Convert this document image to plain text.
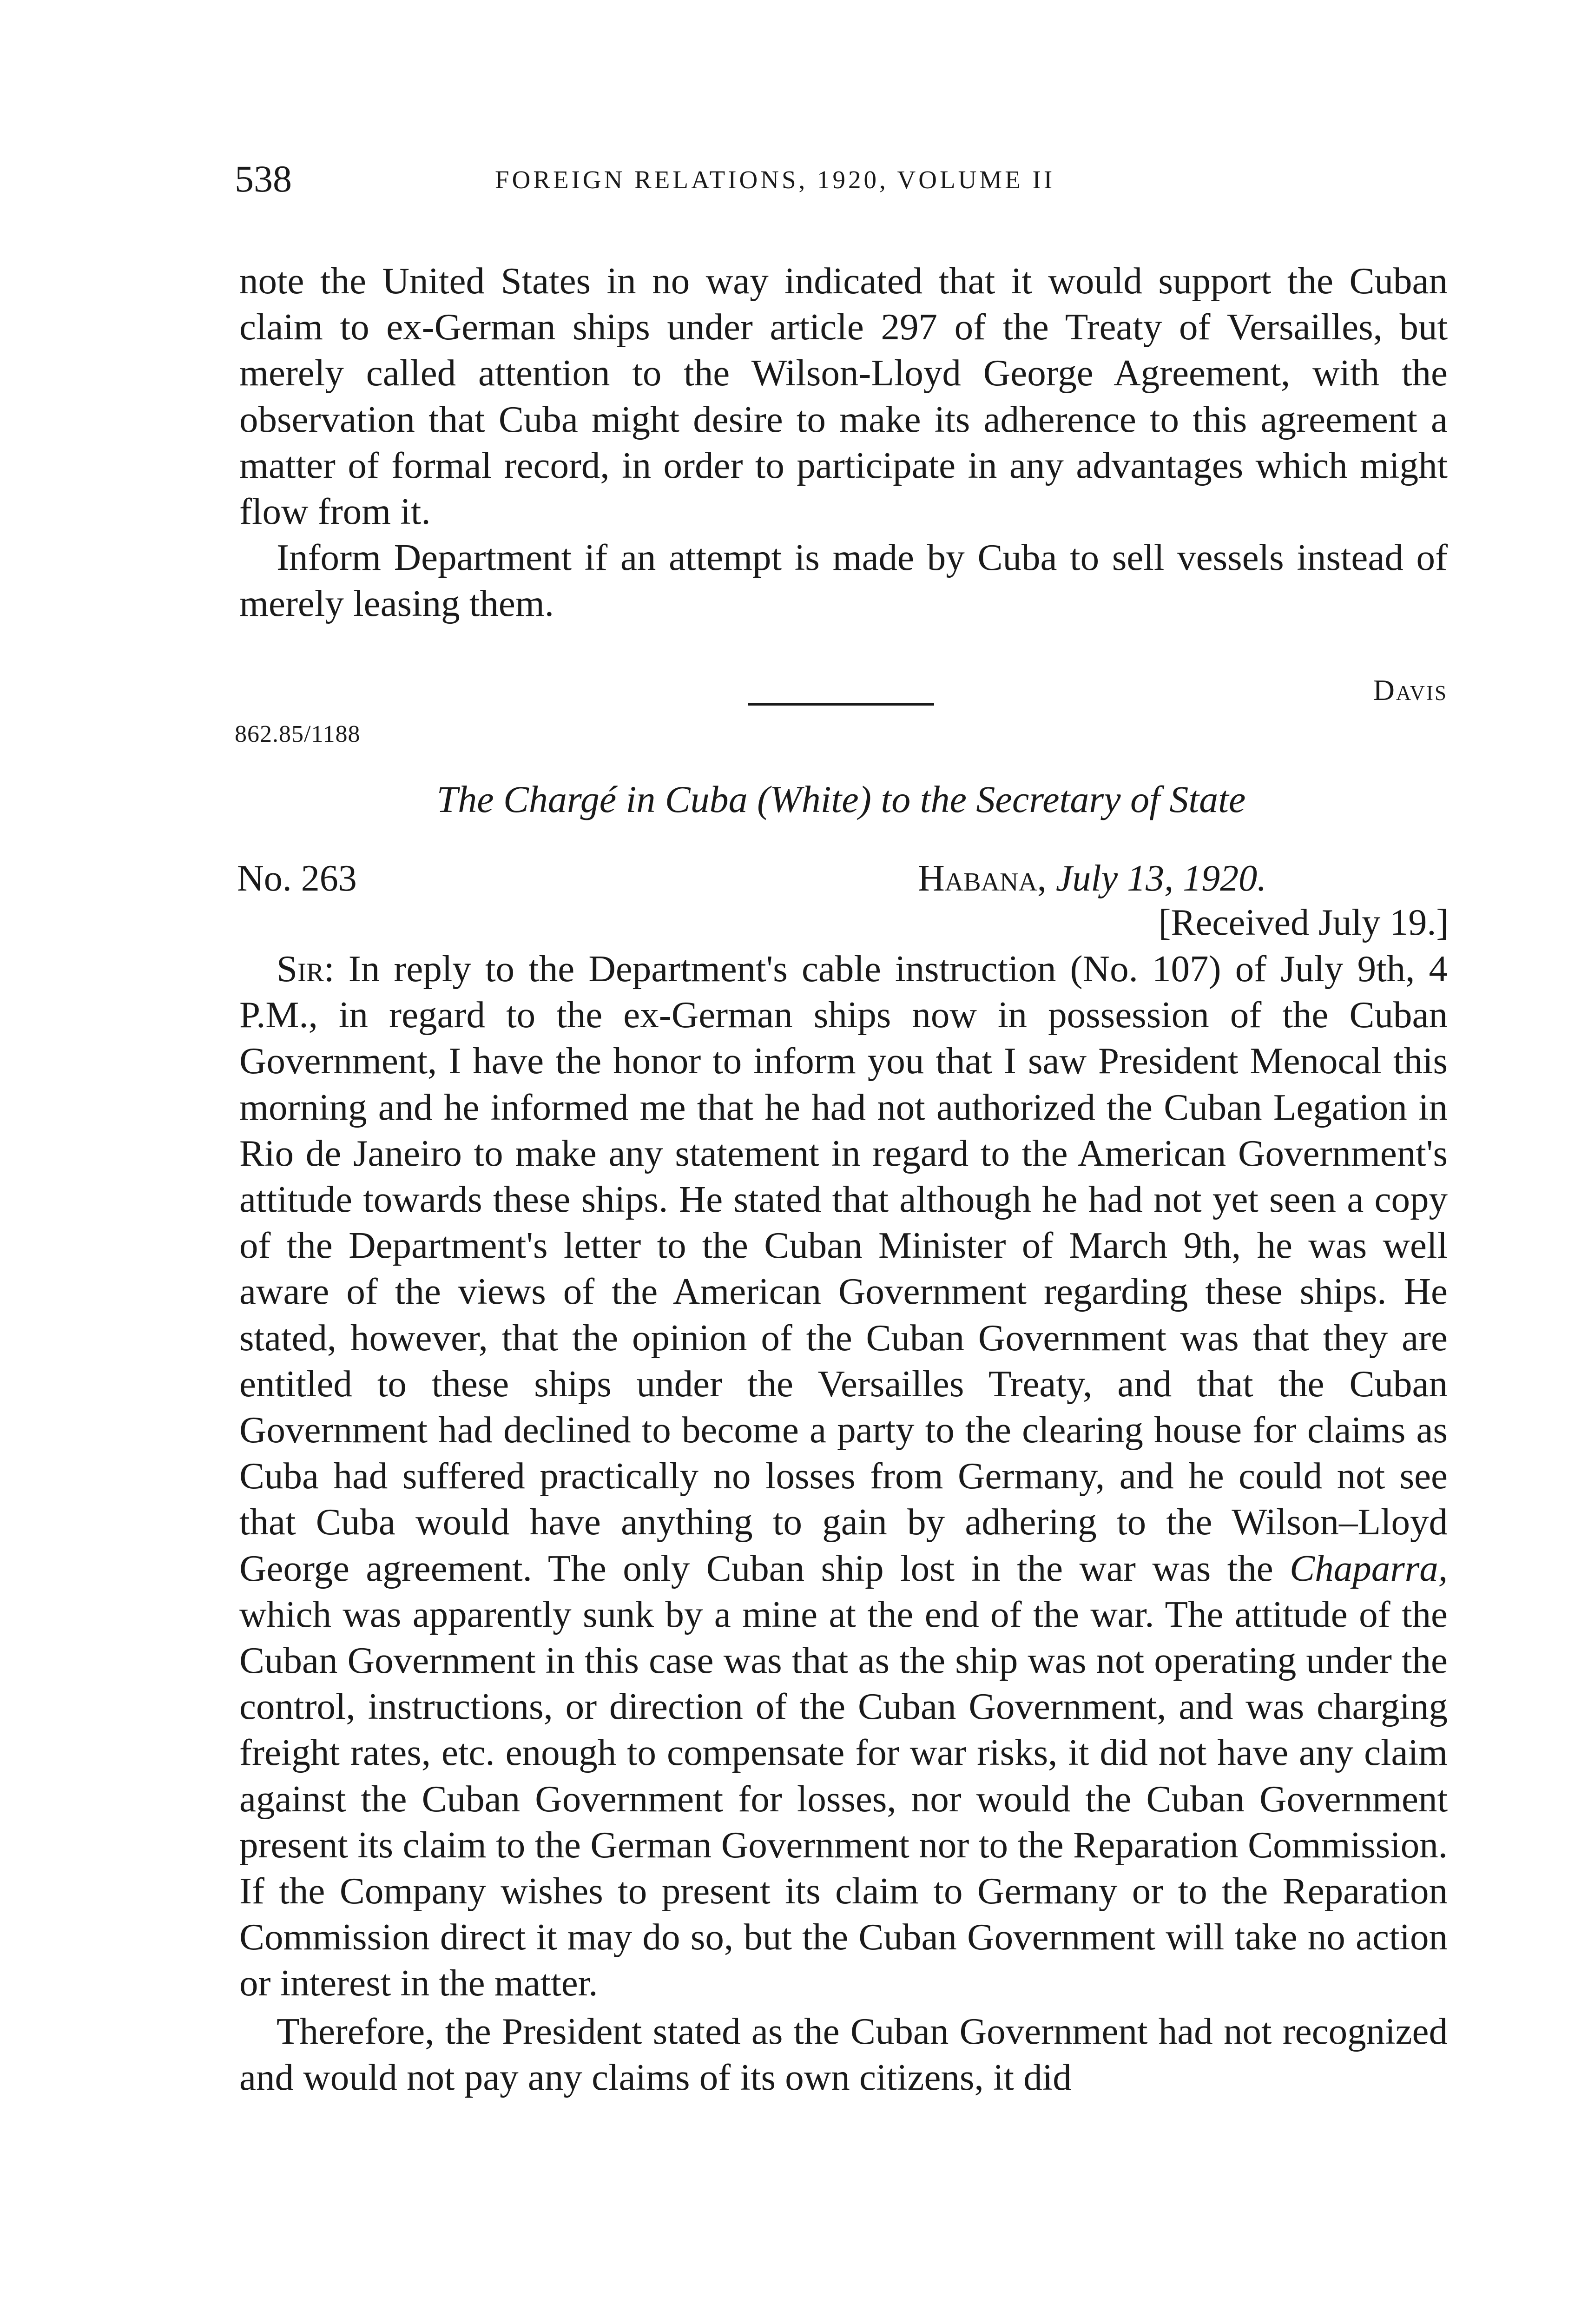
538	FOREIGN RELATIONS, 1920, VOLUME II

note the United States in no way indicated that it would support the Cuban claim to ex-German ships under article 297 of the Treaty of Versailles, but merely called attention to the Wilson-Lloyd George Agreement, with the observation that Cuba might desire to make its adherence to this agreement a matter of formal record, in order to participate in any advantages which might flow from it.

Inform Department if an attempt is made by Cuba to sell vessels instead of merely leasing them.

Davis
862.85/1188
The Chargé in Cuba (White) to the Secretary of State
No. 263	Habana, July 13, 1920.
[Received July 19.]

Sir: In reply to the Department's cable instruction (No. 107) of July 9th, 4 P.M., in regard to the ex-German ships now in possession of the Cuban Government, I have the honor to inform you that I saw President Menocal this morning and he informed me that he had not authorized the Cuban Legation in Rio de Janeiro to make any statement in regard to the American Government's attitude towards these ships. He stated that although he had not yet seen a copy of the Department's letter to the Cuban Minister of March 9th, he was well aware of the views of the American Government regarding these ships. He stated, however, that the opinion of the Cuban Government was that they are entitled to these ships under the Versailles Treaty, and that the Cuban Government had declined to become a party to the clearing house for claims as Cuba had suffered practically no losses from Germany, and he could not see that Cuba would have anything to gain by adhering to the Wilson–Lloyd George agreement. The only Cuban ship lost in the war was the Chaparra, which was apparently sunk by a mine at the end of the war. The attitude of the Cuban Government in this case was that as the ship was not operating under the control, instructions, or direction of the Cuban Government, and was charging freight rates, etc. enough to compensate for war risks, it did not have any claim against the Cuban Government for losses, nor would the Cuban Government present its claim to the German Government nor to the Reparation Commission. If the Company wishes to present its claim to Germany or to the Reparation Commission direct it may do so, but the Cuban Government will take no action or interest in the matter.

Therefore, the President stated as the Cuban Government had not recognized and would not pay any claims of its own citizens, it did
